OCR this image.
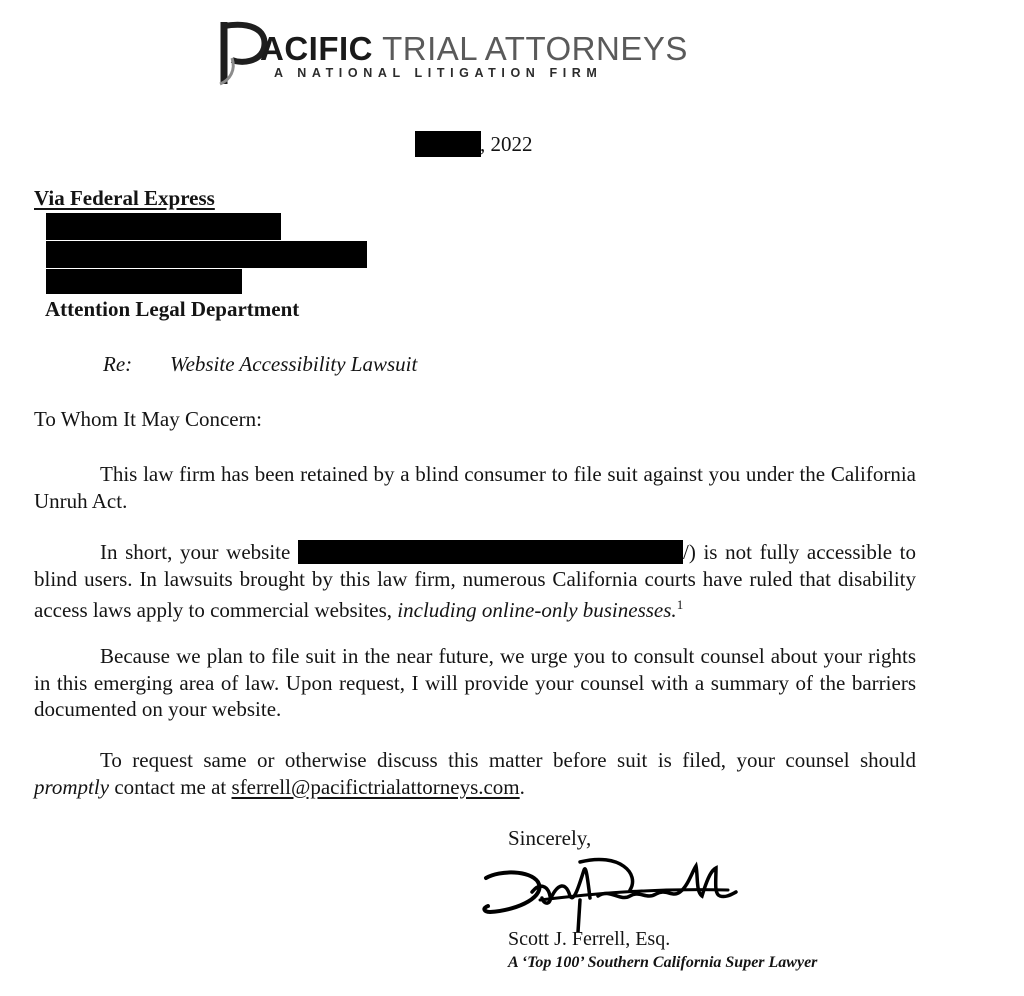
ACIFIC TRIAL ATTORNEYS
A NATIONAL LITIGATION FIRM
, 2022
Via Federal Express
Attention Legal Department
Re: Website Accessibility Lawsuit
To Whom It May Concern:
This law firm has been retained by a blind consumer to file suit against you under the California Unruh Act.
In short, your website	/) is not fully accessible to blind users. In lawsuits brought by this law firm, numerous California courts have ruled that disability access laws apply to commercial websites, including online-only businesses.$^1$
Because we plan to file suit in the near future, we urge you to consult counsel about your rights in this emerging area of law. Upon request, I will provide your counsel with a summary of the barriers documented on your website.
To request same or otherwise discuss this matter before suit is filed, your counsel should promptly contact me at sferrell@pacifictrialattorneys.com.
Sincerely,
Scott J. Ferrell, Esq.
A ‘Top 100’ Southern California Super Lawyer
